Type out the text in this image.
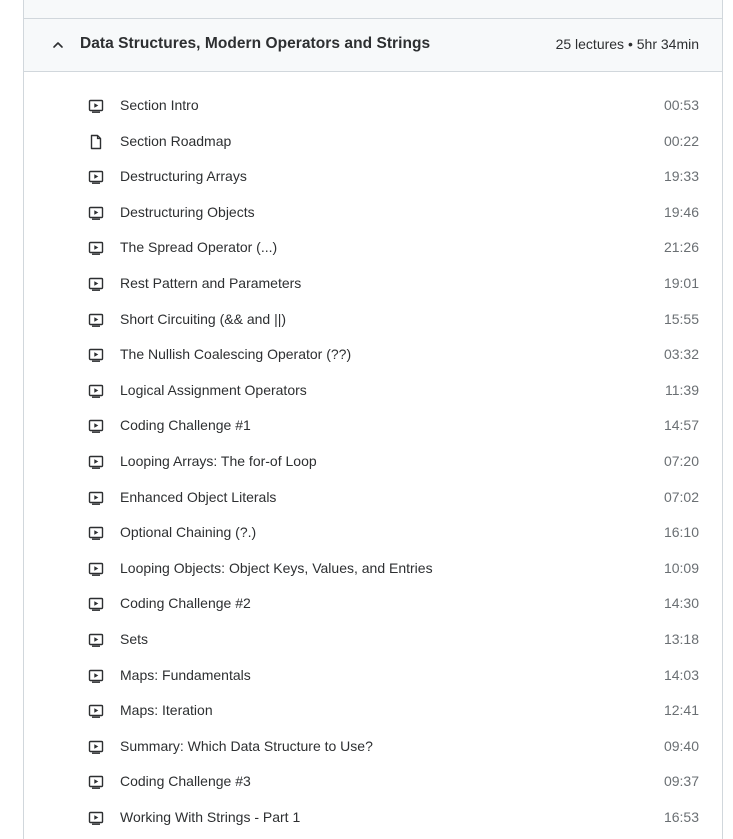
Data Structures, Modern Operators and Strings	25 lectures • 5hr 34min
Section Intro	00:53
Section Roadmap	00:22
Destructuring Arrays	19:33
Destructuring Objects	19:46
The Spread Operator (...)	21:26
Rest Pattern and Parameters	19:01
Short Circuiting (&& and ||)	15:55
The Nullish Coalescing Operator (??)	03:32
Logical Assignment Operators	11:39
Coding Challenge #1	14:57
Looping Arrays: The for-of Loop	07:20
Enhanced Object Literals	07:02
Optional Chaining (?.)	16:10
Looping Objects: Object Keys, Values, and Entries	10:09
Coding Challenge #2	14:30
Sets	13:18
Maps: Fundamentals	14:03
Maps: Iteration	12:41
Summary: Which Data Structure to Use?	09:40
Coding Challenge #3	09:37
Working With Strings - Part 1	16:53
